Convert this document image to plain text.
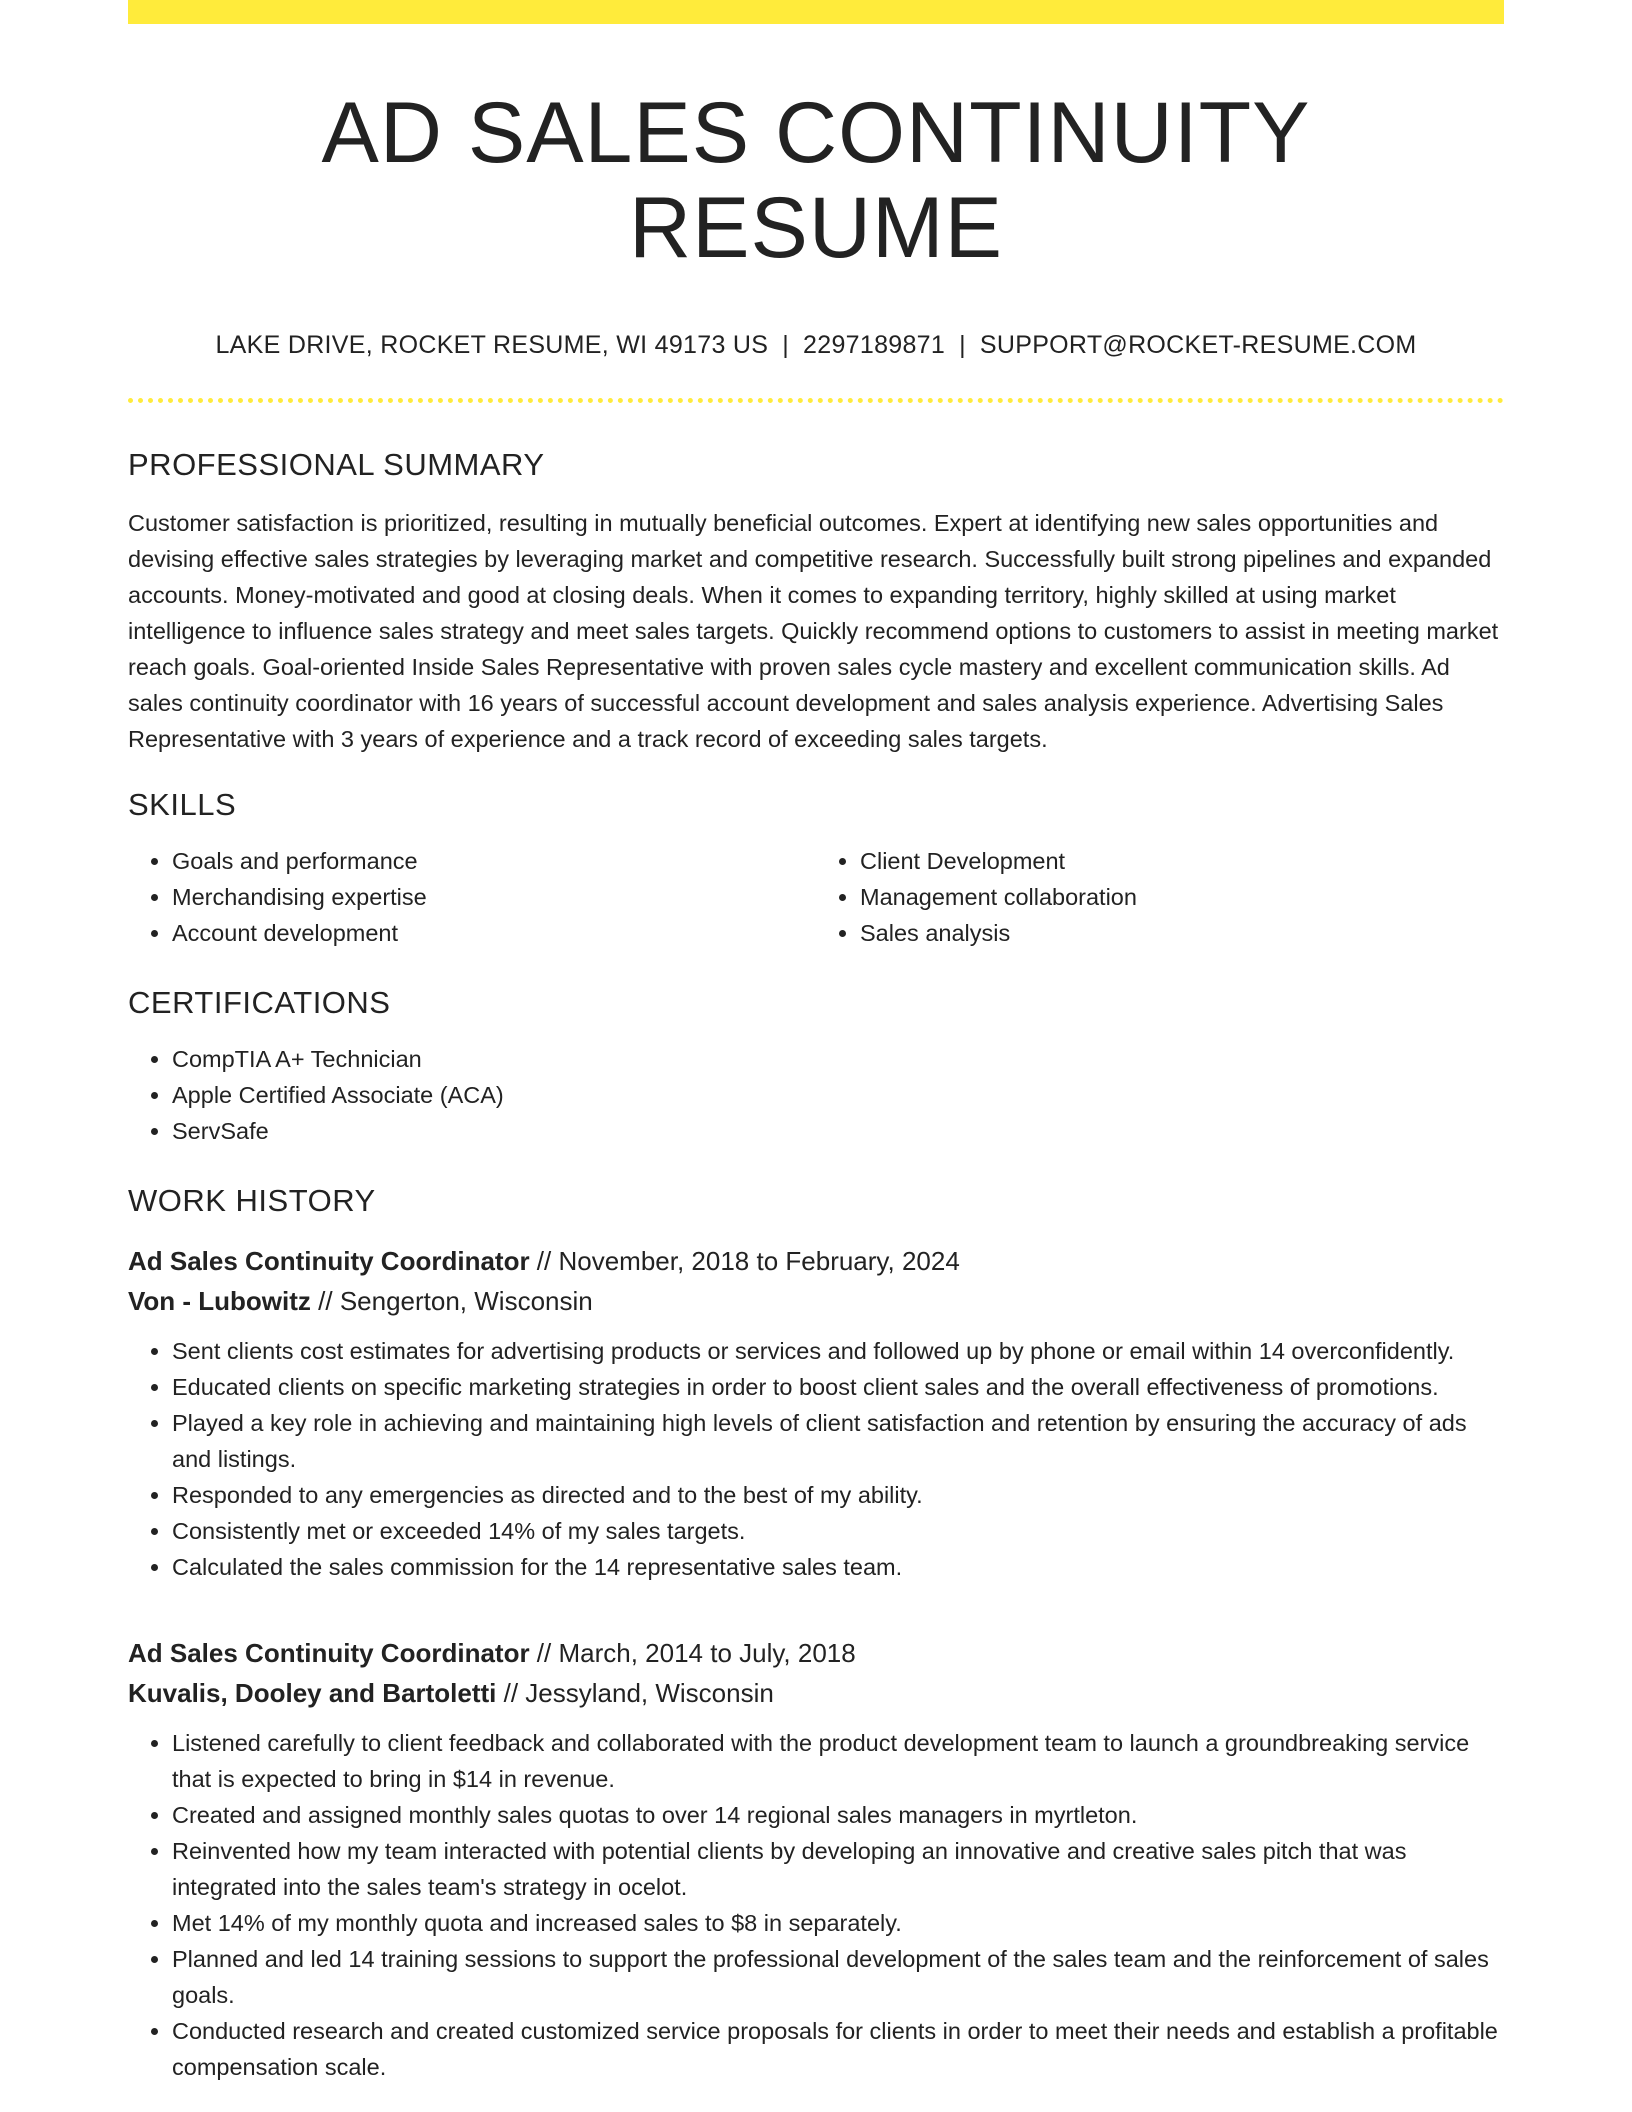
AD SALES CONTINUITY RESUME
LAKE DRIVE, ROCKET RESUME, WI 49173 US | 2297189871 | SUPPORT@ROCKET-RESUME.COM
PROFESSIONAL SUMMARY

Customer satisfaction is prioritized, resulting in mutually beneficial outcomes. Expert at identifying new sales opportunities and devising effective sales strategies by leveraging market and competitive research. Successfully built strong pipelines and expanded accounts. Money-motivated and good at closing deals. When it comes to expanding territory, highly skilled at using market intelligence to influence sales strategy and meet sales targets. Quickly recommend options to customers to assist in meeting market reach goals. Goal-oriented Inside Sales Representative with proven sales cycle mastery and excellent communication skills. Ad sales continuity coordinator with 16 years of successful account development and sales analysis experience. Advertising Sales Representative with 3 years of experience and a track record of exceeding sales targets.

SKILLS
• Goals and performance
• Merchandising expertise
• Account development
• Client Development
• Management collaboration
• Sales analysis
CERTIFICATIONS
• CompTIA A+ Technician
• Apple Certified Associate (ACA)
• ServSafe
WORK HISTORY
Ad Sales Continuity Coordinator // November, 2018 to February, 2024
Von - Lubowitz // Sengerton, Wisconsin
• Sent clients cost estimates for advertising products or services and followed up by phone or email within 14 overconfidently.
• Educated clients on specific marketing strategies in order to boost client sales and the overall effectiveness of promotions.
• Played a key role in achieving and maintaining high levels of client satisfaction and retention by ensuring the accuracy of ads and listings.
• Responded to any emergencies as directed and to the best of my ability.
• Consistently met or exceeded 14% of my sales targets.
• Calculated the sales commission for the 14 representative sales team.
Ad Sales Continuity Coordinator // March, 2014 to July, 2018
Kuvalis, Dooley and Bartoletti // Jessyland, Wisconsin
• Listened carefully to client feedback and collaborated with the product development team to launch a groundbreaking service that is expected to bring in $14 in revenue.
• Created and assigned monthly sales quotas to over 14 regional sales managers in myrtleton.
• Reinvented how my team interacted with potential clients by developing an innovative and creative sales pitch that was integrated into the sales team's strategy in ocelot.
• Met 14% of my monthly quota and increased sales to $8 in separately.
• Planned and led 14 training sessions to support the professional development of the sales team and the reinforcement of sales goals.
• Conducted research and created customized service proposals for clients in order to meet their needs and establish a profitable compensation scale.
